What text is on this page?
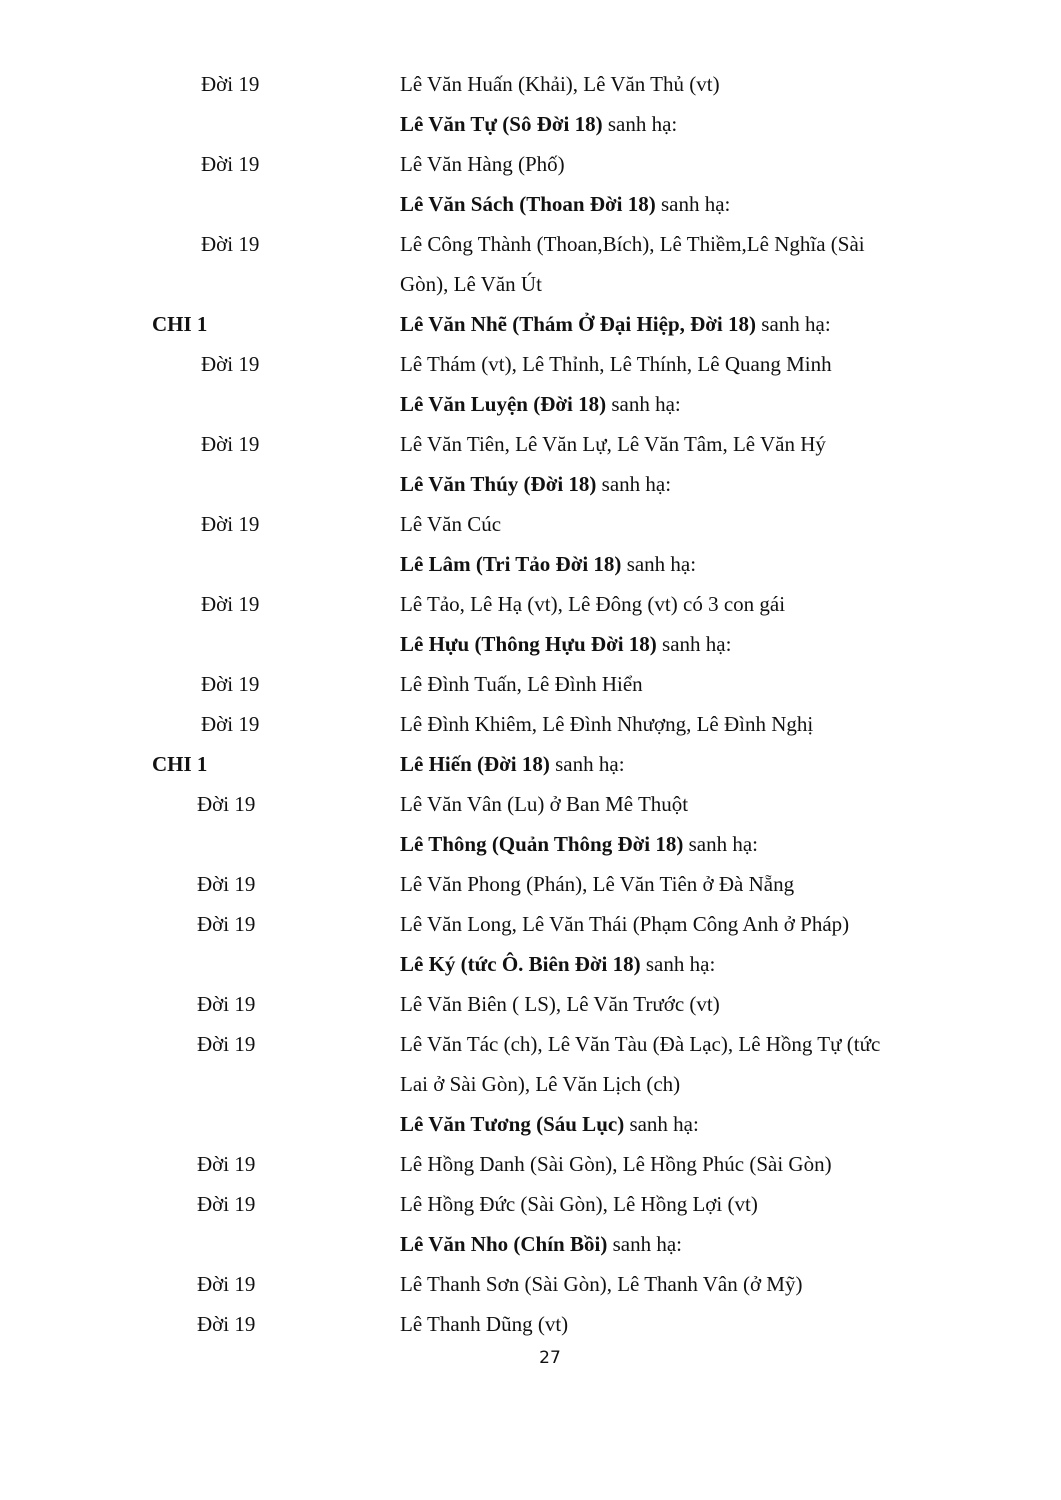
Đời 19	Lê Văn Huấn (Khải), Lê Văn Thủ (vt)
Lê Văn Tự (Sô Đời 18) sanh hạ:
Đời 19	Lê Văn Hàng (Phố)
Lê Văn Sách (Thoan Đời 18) sanh hạ:
Đời 19	Lê Công Thành (Thoan,Bích), Lê Thiềm,Lê Nghĩa (Sài
Gòn), Lê Văn Út
CHI 1	Lê Văn Nhẽ (Thám Ở Đại Hiệp, Đời 18) sanh hạ:
Đời 19	Lê Thám (vt), Lê Thỉnh, Lê Thính, Lê Quang Minh
Lê Văn Luyện (Đời 18) sanh hạ:
Đời 19	Lê Văn Tiên, Lê Văn Lự, Lê Văn Tâm, Lê Văn Hý
Lê Văn Thúy (Đời 18) sanh hạ:
Đời 19	Lê Văn Cúc
Lê Lâm (Tri Tảo Đời 18) sanh hạ:
Đời 19	Lê Tảo, Lê Hạ (vt), Lê Đông (vt) có 3 con gái
Lê Hựu (Thông Hựu Đời 18) sanh hạ:
Đời 19	Lê Đình Tuấn, Lê Đình Hiển
Đời 19	Lê Đình Khiêm, Lê Đình Nhượng, Lê Đình Nghị
CHI 1	Lê Hiến (Đời 18) sanh hạ:
Đời 19	Lê Văn Vân (Lu) ở Ban Mê Thuột
Lê Thông (Quản Thông Đời 18) sanh hạ:
Đời 19	Lê Văn Phong (Phán), Lê Văn Tiên ở Đà Nẵng
Đời 19	Lê Văn Long, Lê Văn Thái (Phạm Công Anh ở Pháp)
Lê Ký (tức Ô. Biên Đời 18) sanh hạ:
Đời 19	Lê Văn Biên ( LS), Lê Văn Trước (vt)
Đời 19	Lê Văn Tác (ch), Lê Văn Tàu (Đà Lạc), Lê Hồng Tự (tức
Lai ở Sài Gòn), Lê Văn Lịch (ch)
Lê Văn Tương (Sáu Lục) sanh hạ:
Đời 19	Lê Hồng Danh (Sài Gòn), Lê Hồng Phúc (Sài Gòn)
Đời 19	Lê Hồng Đức (Sài Gòn), Lê Hồng Lợi (vt)
Lê Văn Nho (Chín Bồi) sanh hạ:
Đời 19	Lê Thanh Sơn (Sài Gòn), Lê Thanh Vân (ở Mỹ)
Đời 19	Lê Thanh Dũng (vt)
27
